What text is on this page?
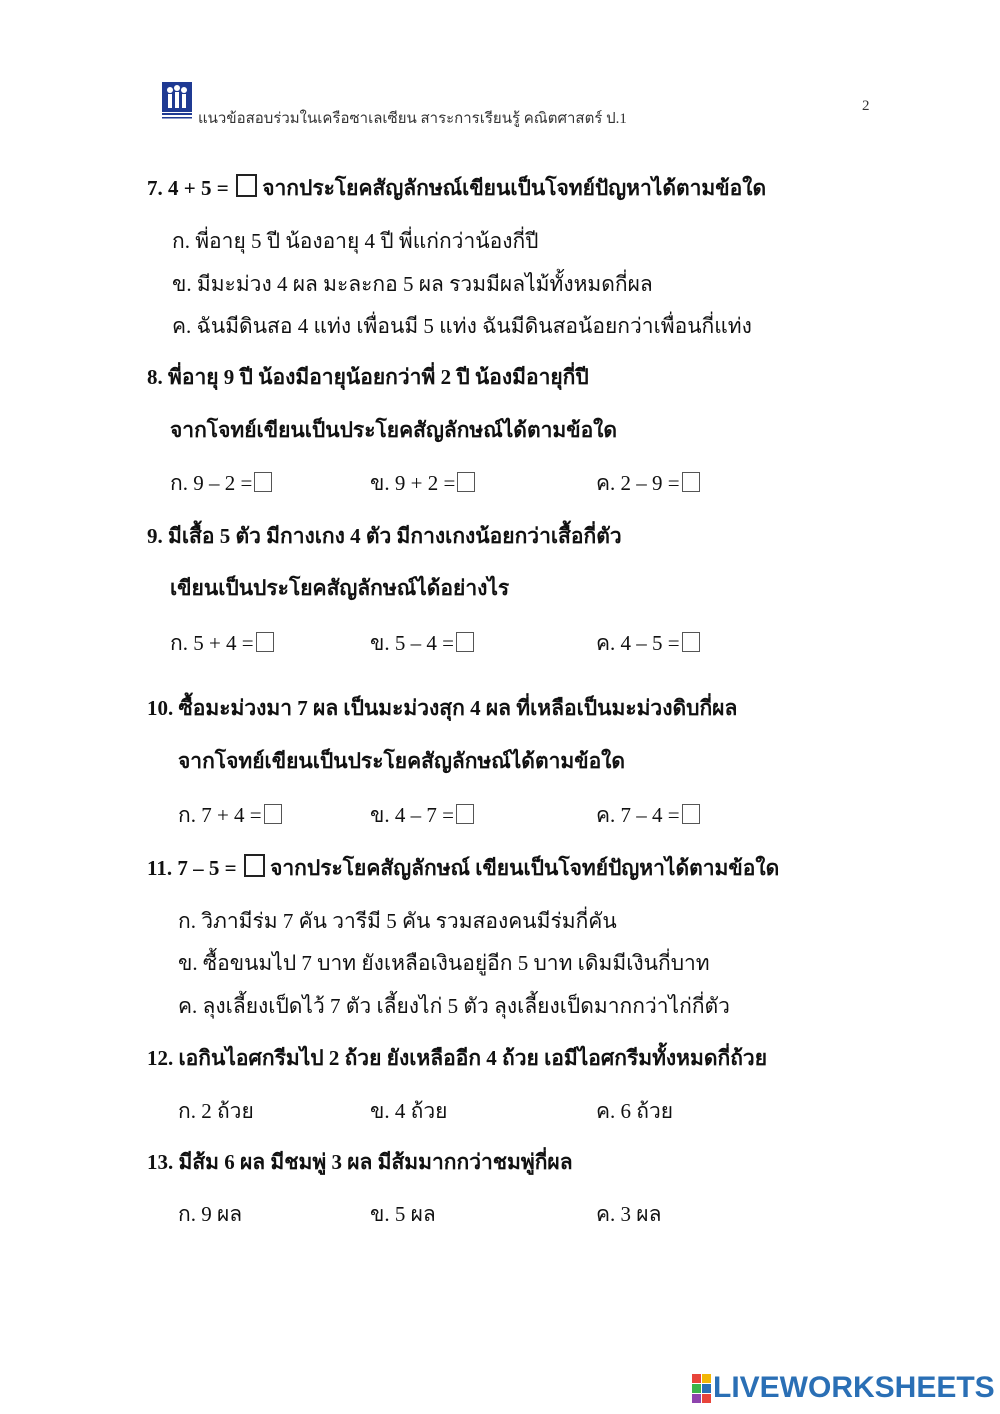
แนวข้อสอบร่วมในเครือซาเลเซียน สาระการเรียนรู้ คณิตศาสตร์ ป.1
2
7. 4 + 5 = จากประโยคสัญลักษณ์เขียนเป็นโจทย์ปัญหาได้ตามข้อใด
ก. พี่อายุ 5 ปี น้องอายุ 4 ปี พี่แก่กว่าน้องกี่ปี
ข. มีมะม่วง 4 ผล มะละกอ 5 ผล รวมมีผลไม้ทั้งหมดกี่ผล
ค. ฉันมีดินสอ 4 แท่ง เพื่อนมี 5 แท่ง ฉันมีดินสอน้อยกว่าเพื่อนกี่แท่ง
8. พี่อายุ 9 ปี น้องมีอายุน้อยกว่าพี่ 2 ปี น้องมีอายุกี่ปี
จากโจทย์เขียนเป็นประโยคสัญลักษณ์ได้ตามข้อใด
ก. 9 – 2 =	ข. 9 + 2 =	ค. 2 – 9 =
9. มีเสื้อ 5 ตัว มีกางเกง 4 ตัว มีกางเกงน้อยกว่าเสื้อกี่ตัว
เขียนเป็นประโยคสัญลักษณ์ได้อย่างไร
ก. 5 + 4 =	ข. 5 – 4 =	ค. 4 – 5 =
10. ซื้อมะม่วงมา 7 ผล เป็นมะม่วงสุก 4 ผล ที่เหลือเป็นมะม่วงดิบกี่ผล
จากโจทย์เขียนเป็นประโยคสัญลักษณ์ได้ตามข้อใด
ก. 7 + 4 =	ข. 4 – 7 =	ค. 7 – 4 =
11. 7 – 5 = จากประโยคสัญลักษณ์ เขียนเป็นโจทย์ปัญหาได้ตามข้อใด
ก. วิภามีร่ม 7 คัน วารีมี 5 คัน รวมสองคนมีร่มกี่คัน
ข. ซื้อขนมไป 7 บาท ยังเหลือเงินอยู่อีก 5 บาท เดิมมีเงินกี่บาท
ค. ลุงเลี้ยงเป็ดไว้ 7 ตัว เลี้ยงไก่ 5 ตัว ลุงเลี้ยงเป็ดมากกว่าไก่กี่ตัว
12. เอกินไอศกรีมไป 2 ถ้วย ยังเหลืออีก 4 ถ้วย เอมีไอศกรีมทั้งหมดกี่ถ้วย
ก. 2 ถ้วย	ข. 4 ถ้วย	ค. 6 ถ้วย
13. มีส้ม 6 ผล มีชมพู่ 3 ผล มีส้มมากกว่าชมพู่กี่ผล
ก. 9 ผล	ข. 5 ผล	ค. 3 ผล
LIVEWORKSHEETS
